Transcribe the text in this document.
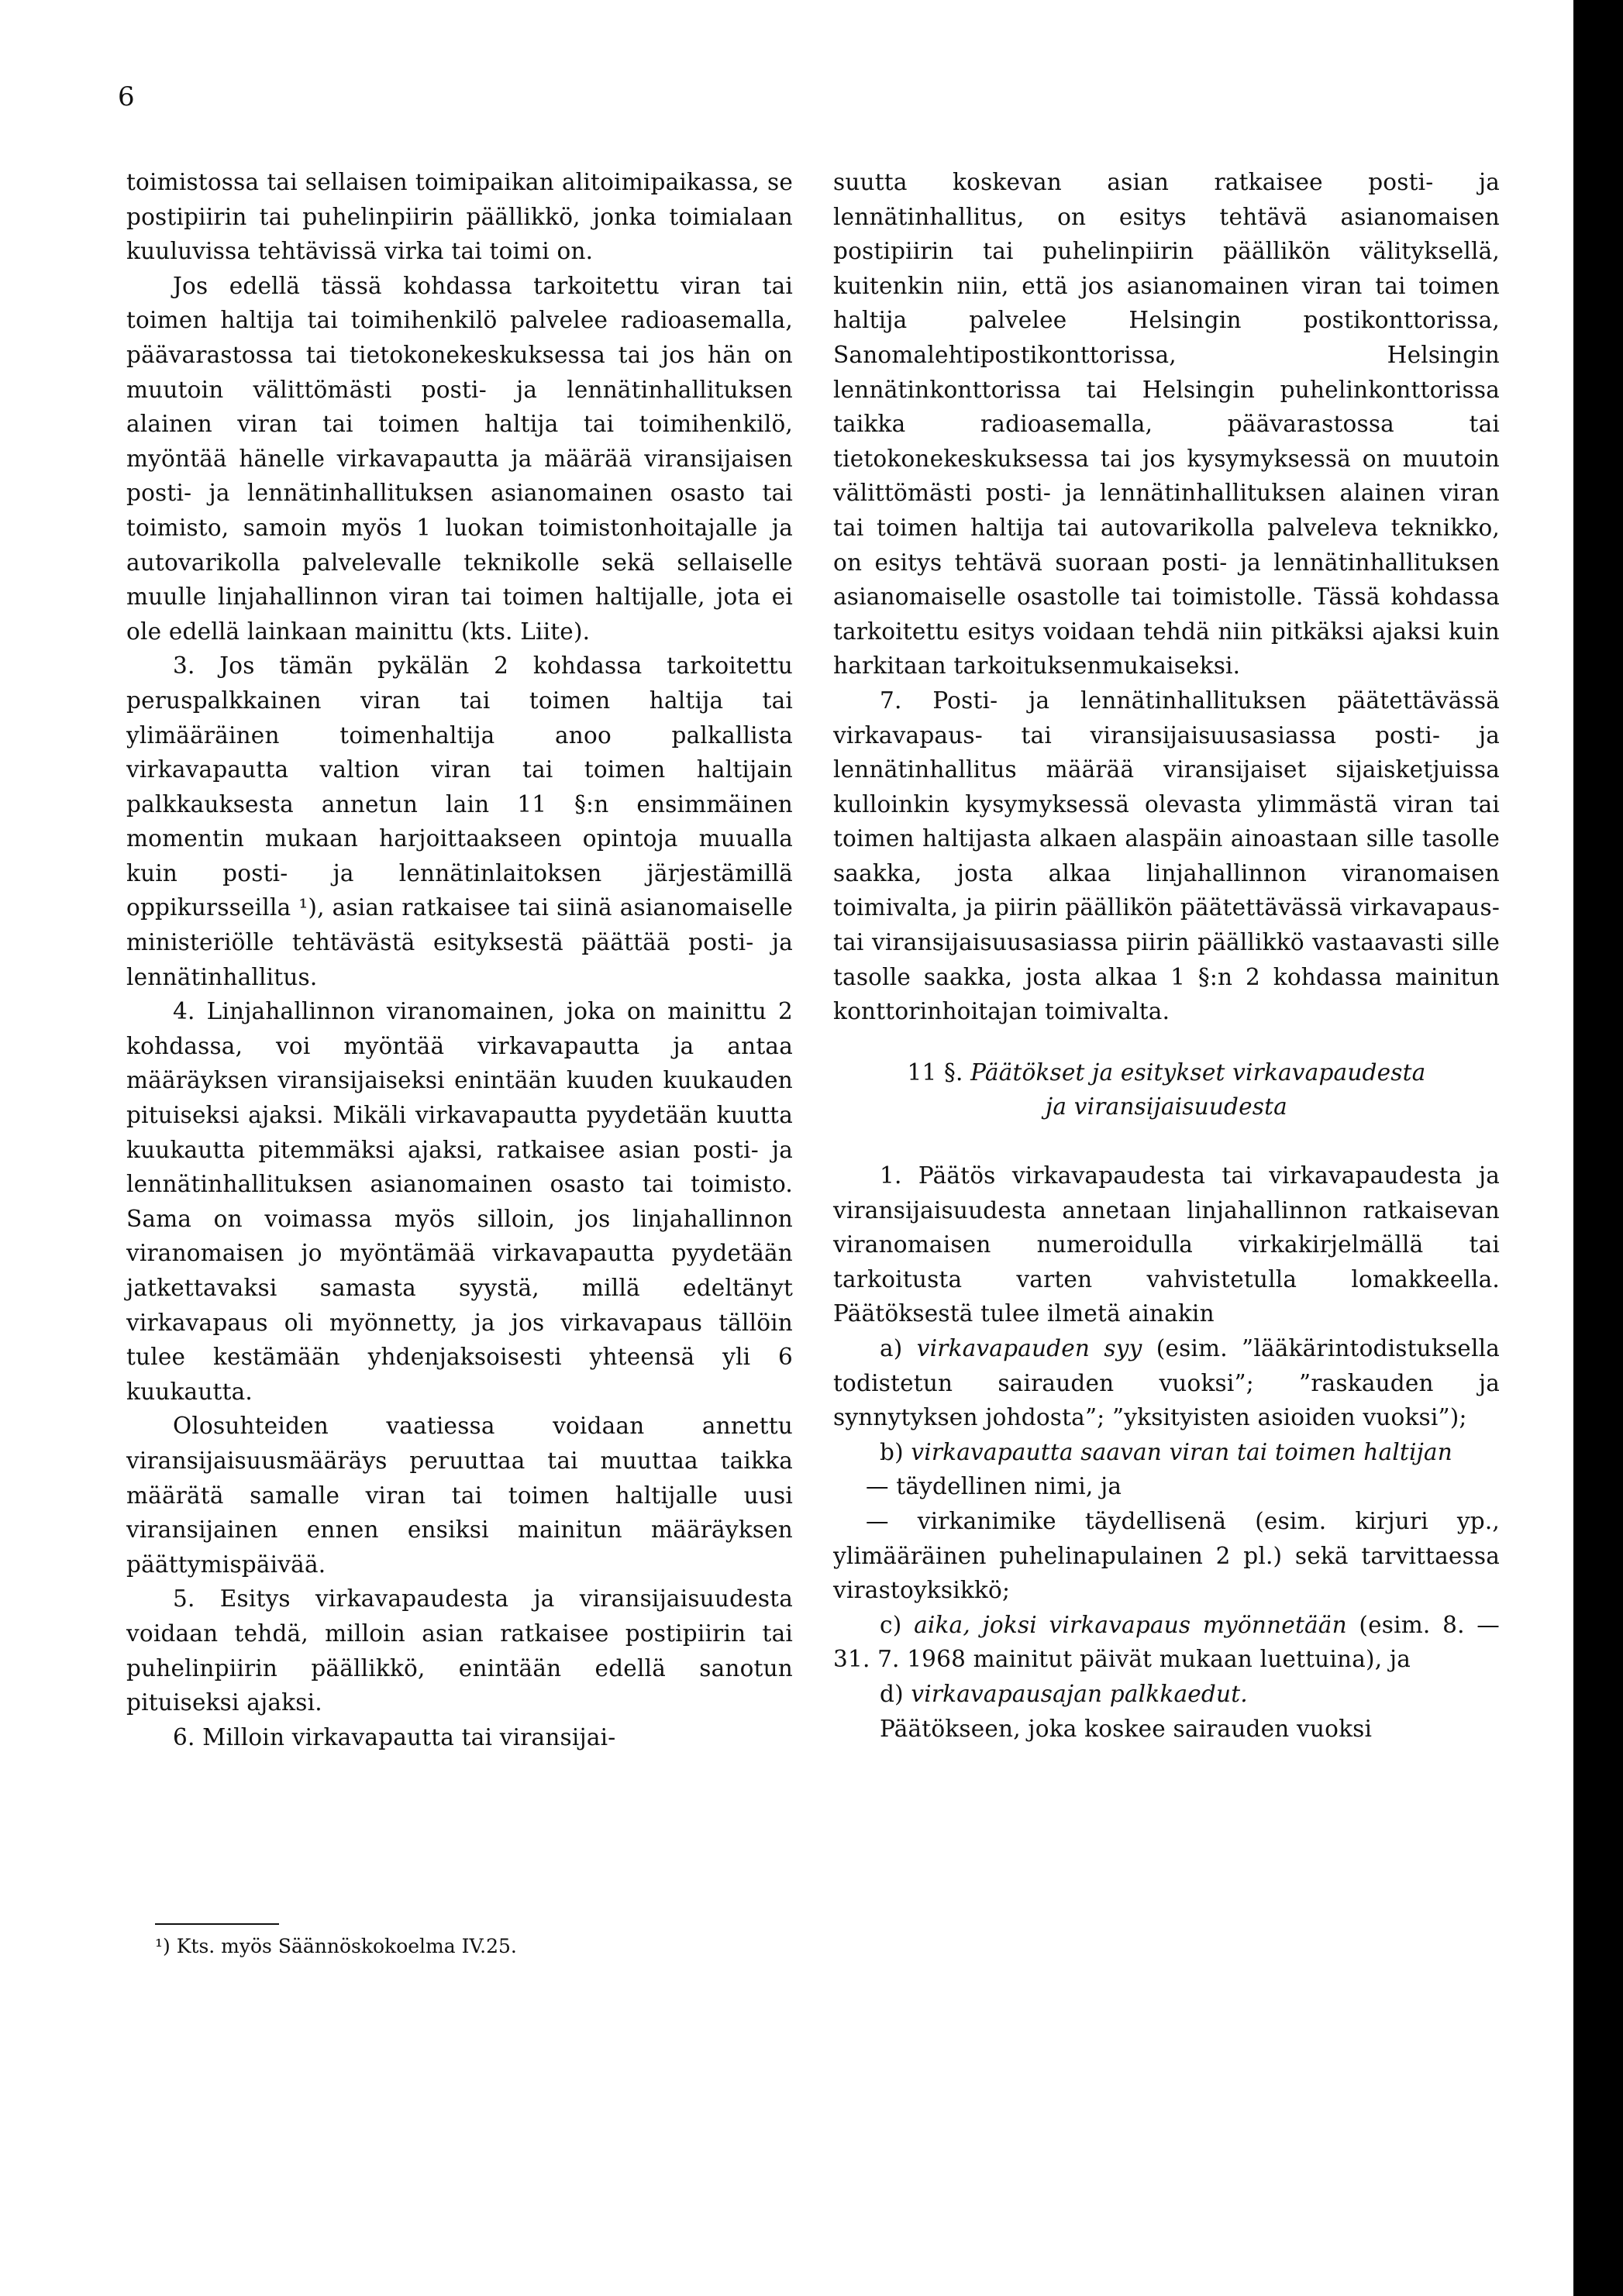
6

toimistossa tai sellaisen toimipaikan alitoimipaikassa, se postipiirin tai puhelinpiirin päällikkö, jonka toimialaan kuuluvissa tehtävissä virka tai toimi on.

Jos edellä tässä kohdassa tarkoitettu viran tai toimen haltija tai toimihenkilö palvelee radioasemalla, päävarastossa tai tietokonekeskuksessa tai jos hän on muutoin välittömästi posti- ja lennätinhallituksen alainen viran tai toimen haltija tai toimihenkilö, myöntää hänelle virkavapautta ja määrää viransijaisen posti- ja lennätinhallituksen asianomainen osasto tai toimisto, samoin myös 1 luokan toimistonhoitajalle ja autovarikolla palvelevalle teknikolle sekä sellaiselle muulle linjahallinnon viran tai toimen haltijalle, jota ei ole edellä lainkaan mainittu (kts. Liite).

3. Jos tämän pykälän 2 kohdassa tarkoitettu peruspalkkainen viran tai toimen haltija tai ylimääräinen toimenhaltija anoo palkallista virkavapautta valtion viran tai toimen haltijain palkkauksesta annetun lain 11 §:n ensimmäinen momentin mukaan harjoittaakseen opintoja muualla kuin posti- ja lennätinlaitoksen järjestämillä oppikursseilla ¹), asian ratkaisee tai siinä asianomaiselle ministeriölle tehtävästä esityksestä päättää posti- ja lennätinhallitus.

4. Linjahallinnon viranomainen, joka on mainittu 2 kohdassa, voi myöntää virkavapautta ja antaa määräyksen viransijaiseksi enintään kuuden kuukauden pituiseksi ajaksi. Mikäli virkavapautta pyydetään kuutta kuukautta pitemmäksi ajaksi, ratkaisee asian posti- ja lennätinhallituksen asianomainen osasto tai toimisto. Sama on voimassa myös silloin, jos linjahallinnon viranomaisen jo myöntämää virkavapautta pyydetään jatkettavaksi samasta syystä, millä edeltänyt virkavapaus oli myönnetty, ja jos virkavapaus tällöin tulee kestämään yhdenjaksoisesti yhteensä yli 6 kuukautta.

Olosuhteiden vaatiessa voidaan annettu viransijaisuusmääräys peruuttaa tai muuttaa taikka määrätä samalle viran tai toimen haltijalle uusi viransijainen ennen ensiksi mainitun määräyksen päättymispäivää.

5. Esitys virkavapaudesta ja viransijaisuudesta voidaan tehdä, milloin asian ratkaisee postipiirin tai puhelinpiirin päällikkö, enintään edellä sanotun pituiseksi ajaksi.

6. Milloin virkavapautta tai viransijai-

suutta koskevan asian ratkaisee posti- ja lennätinhallitus, on esitys tehtävä asianomaisen postipiirin tai puhelinpiirin päällikön välityksellä, kuitenkin niin, että jos asianomainen viran tai toimen haltija palvelee Helsingin postikonttorissa, Sanomalehtipostikonttorissa, Helsingin lennätinkonttorissa tai Helsingin puhelinkonttorissa taikka radioasemalla, päävarastossa tai tietokonekeskuksessa tai jos kysymyksessä on muutoin välittömästi posti- ja lennätinhallituksen alainen viran tai toimen haltija tai autovarikolla palveleva teknikko, on esitys tehtävä suoraan posti- ja lennätinhallituksen asianomaiselle osastolle tai toimistolle. Tässä kohdassa tarkoitettu esitys voidaan tehdä niin pitkäksi ajaksi kuin harkitaan tarkoituksenmukaiseksi.

7. Posti- ja lennätinhallituksen päätettävässä virkavapaus- tai viransijaisuusasiassa posti- ja lennätinhallitus määrää viransijaiset sijaisketjuissa kulloinkin kysymyksessä olevasta ylimmästä viran tai toimen haltijasta alkaen alaspäin ainoastaan sille tasolle saakka, josta alkaa linjahallinnon viranomaisen toimivalta, ja piirin päällikön päätettävässä virkavapaus- tai viransijaisuusasiassa piirin päällikkö vastaavasti sille tasolle saakka, josta alkaa 1 §:n 2 kohdassa mainitun konttorinhoitajan toimivalta.

11 §. Päätökset ja esitykset virkavapaudesta
ja viransijaisuudesta

1. Päätös virkavapaudesta tai virkavapaudesta ja viransijaisuudesta annetaan linjahallinnon ratkaisevan viranomaisen numeroidulla virkakirjelmällä tai tarkoitusta varten vahvistetulla lomakkeella. Päätöksestä tulee ilmetä ainakin

a) virkavapauden syy (esim. ”lääkärintodistuksella todistetun sairauden vuoksi”; ”raskauden ja synnytyksen johdosta”; ”yksityisten asioiden vuoksi”);

b) virkavapautta saavan viran tai toimen haltijan

— täydellinen nimi, ja

— virkanimike täydellisenä (esim. kirjuri yp., ylimääräinen puhelinapulainen 2 pl.) sekä tarvittaessa virastoyksikkö;

c) aika, joksi virkavapaus myönnetään (esim. 8. — 31. 7. 1968 mainitut päivät mukaan luettuina), ja

d) virkavapausajan palkkaedut.

Päätökseen, joka koskee sairauden vuoksi

¹) Kts. myös Säännöskokoelma IV.25.
